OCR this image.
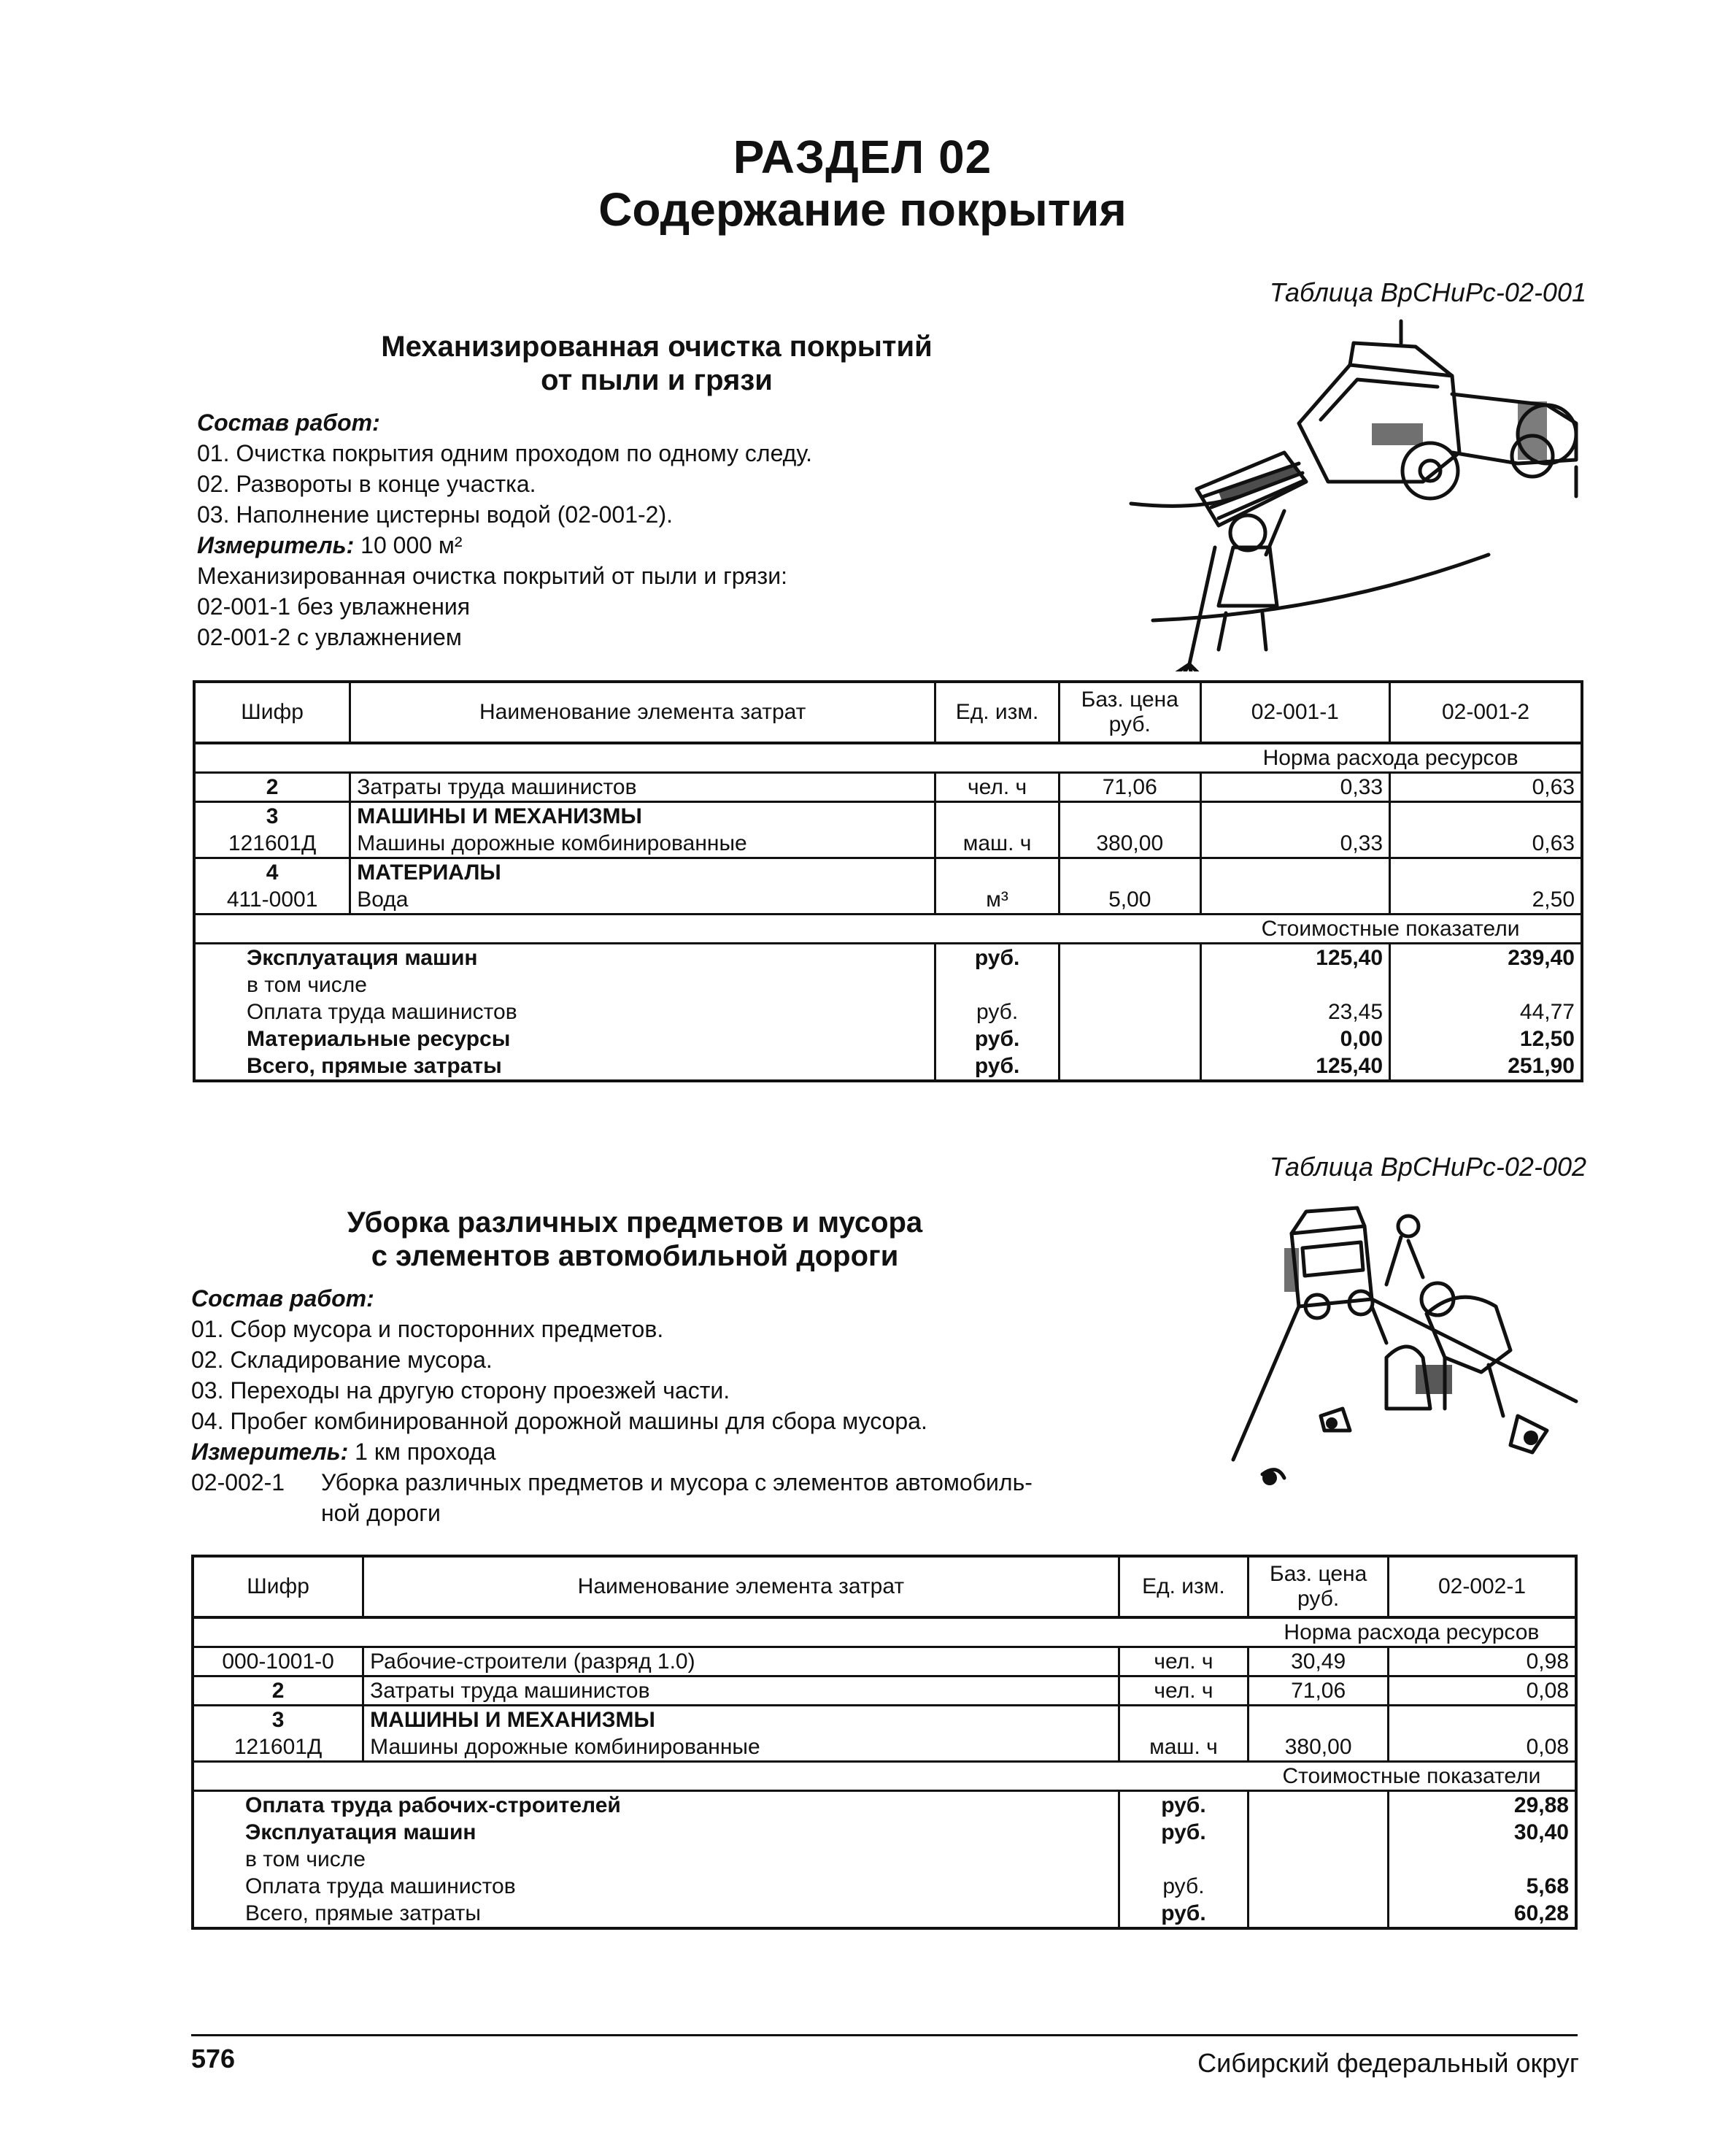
РАЗДЕЛ 02
Содержание покрытия
Таблица ВрСНиРс-02-001
Механизированная очистка покрытий
от пыли и грязи
Состав работ:
01. Очистка покрытия одним проходом по одному следу.
02. Развороты в конце участка.
03. Наполнение цистерны водой (02-001-2).
Измеритель: 10 000 м²
Механизированная очистка покрытий от пыли и грязи:
02-001-1 без увлажнения
02-001-2 с увлажнением
Шифр	Наименование элемента затрат	Ед. изм.	Баз. цена руб.	02-001-1	02-001-2
				Норма расхода ресурсов	
2	Затраты труда машинистов	чел. ч	71,06	0,33	0,63
3	МАШИНЫ И МЕХАНИЗМЫ				
121601Д	Машины дорожные комбинированные	маш. ч	380,00	0,33	0,63
4	МАТЕРИАЛЫ				
411-0001	Вода	м³	5,00		2,50
				Стоимостные показатели	
Эксплуатация машин		руб.		125,40	239,40
в том числе					
Оплата труда машинистов		руб.		23,45	44,77
Материальные ресурсы		руб.		0,00	12,50
Всего, прямые затраты		руб.		125,40	251,90
Таблица ВрСНиРс-02-002
Уборка различных предметов и мусора
с элементов автомобильной дороги
Состав работ:
01. Сбор мусора и посторонних предметов.
02. Складирование мусора.
03. Переходы на другую сторону проезжей части.
04. Пробег комбинированной дорожной машины для сбора мусора.
Измеритель: 1 км прохода
02-002-1	Уборка различных предметов и мусора с элементов автомобиль-
ной дороги
Шифр	Наименование элемента затрат	Ед. изм.	Баз. цена руб.	02-002-1
			Норма расхода ресурсов	
000-1001-0	Рабочие-строители (разряд 1.0)	чел. ч	30,49	0,98
2	Затраты труда машинистов	чел. ч	71,06	0,08
3	МАШИНЫ И МЕХАНИЗМЫ			
121601Д	Машины дорожные комбинированные	маш. ч	380,00	0,08
			Стоимостные показатели	
Оплата труда рабочих-строителей		руб.		29,88
Эксплуатация машин		руб.		30,40
в том числе				
Оплата труда машинистов		руб.		5,68
Всего, прямые затраты		руб.		60,28
576	Сибирский федеральный округ
